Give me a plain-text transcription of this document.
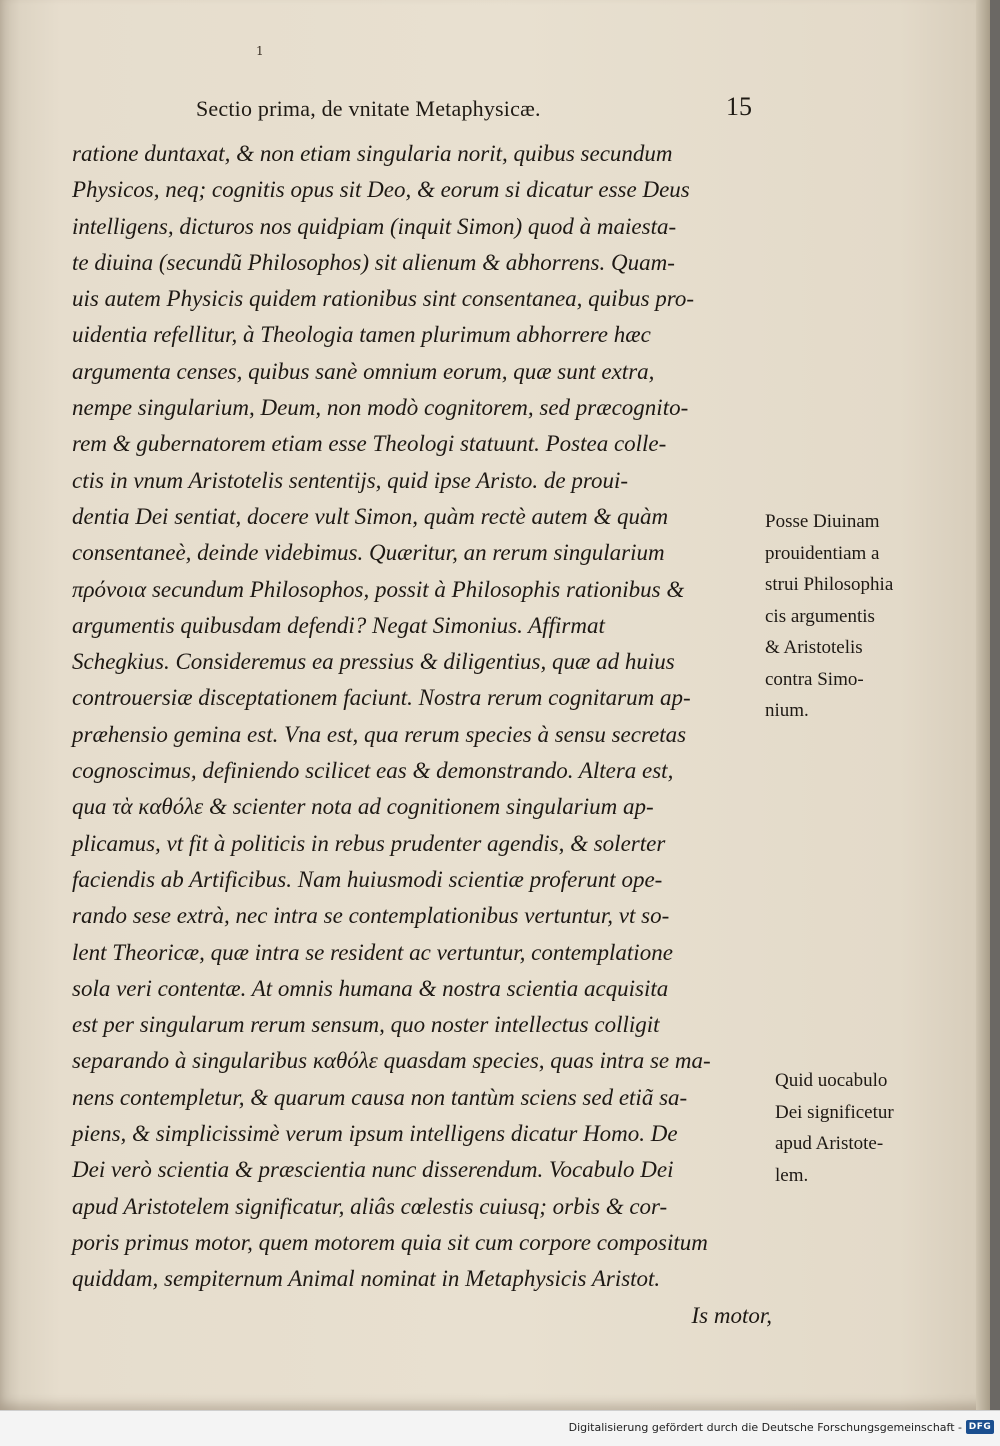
1
Sectio prima, de vnitate Metaphysicæ.	15
ratione duntaxat, & non etiam singularia norit, quibus secundum
Physicos, neq; cognitis opus sit Deo, & eorum si dicatur esse Deus
intelligens, dicturos nos quidpiam (inquit Simon) quod à maiesta-
te diuina (secundũ Philosophos) sit alienum & abhorrens. Quam-
uis autem Physicis quidem rationibus sint consentanea, quibus pro-
uidentia refellitur, à Theologia tamen plurimum abhorrere hæc
argumenta censes, quibus sanè omnium eorum, quæ sunt extra,
nempe singularium, Deum, non modò cognitorem, sed præcognito-
rem & gubernatorem etiam esse Theologi statuunt. Postea colle-
ctis in vnum Aristotelis sententijs, quid ipse Aristo. de proui-
dentia Dei sentiat, docere vult Simon, quàm rectè autem & quàm
consentaneè, deinde videbimus. Quæritur, an rerum singularium
πρόνοια secundum Philosophos, possit à Philosophis rationibus &
argumentis quibusdam defendi? Negat Simonius. Affirmat
Schegkius. Consideremus ea pressius & diligentius, quæ ad huius
controuersiæ disceptationem faciunt. Nostra rerum cognitarum ap-
præhensio gemina est. Vna est, qua rerum species à sensu secretas
cognoscimus, definiendo scilicet eas & demonstrando. Altera est,
qua τὰ καθόλε & scienter nota ad cognitionem singularium ap-
plicamus, vt fit à politicis in rebus prudenter agendis, & solerter
faciendis ab Artificibus. Nam huiusmodi scientiæ proferunt ope-
rando sese extrà, nec intra se contemplationibus vertuntur, vt so-
lent Theoricæ, quæ intra se resident ac vertuntur, contemplatione
sola veri contentæ. At omnis humana & nostra scientia acquisita
est per singularum rerum sensum, quo noster intellectus colligit
separando à singularibus καθόλε quasdam species, quas intra se ma-
nens contempletur, & quarum causa non tantùm sciens sed etiã sa-
piens, & simplicissimè verum ipsum intelligens dicatur Homo. De
Dei verò scientia & præscientia nunc disserendum. Vocabulo Dei
apud Aristotelem significatur, aliâs cœlestis cuiusq; orbis & cor-
poris primus motor, quem motorem quia sit cum corpore compositum
quiddam, sempiternum Animal nominat in Metaphysicis Aristot.
Is motor,
Posse Diuinam
prouidentiam a
strui Philosophia
cis argumentis
& Aristotelis
contra Simo-
nium.
Quid uocabulo
Dei significetur
apud Aristote-
lem.
Digitalisierung gefördert durch die Deutsche Forschungsgemeinschaft - DFG
